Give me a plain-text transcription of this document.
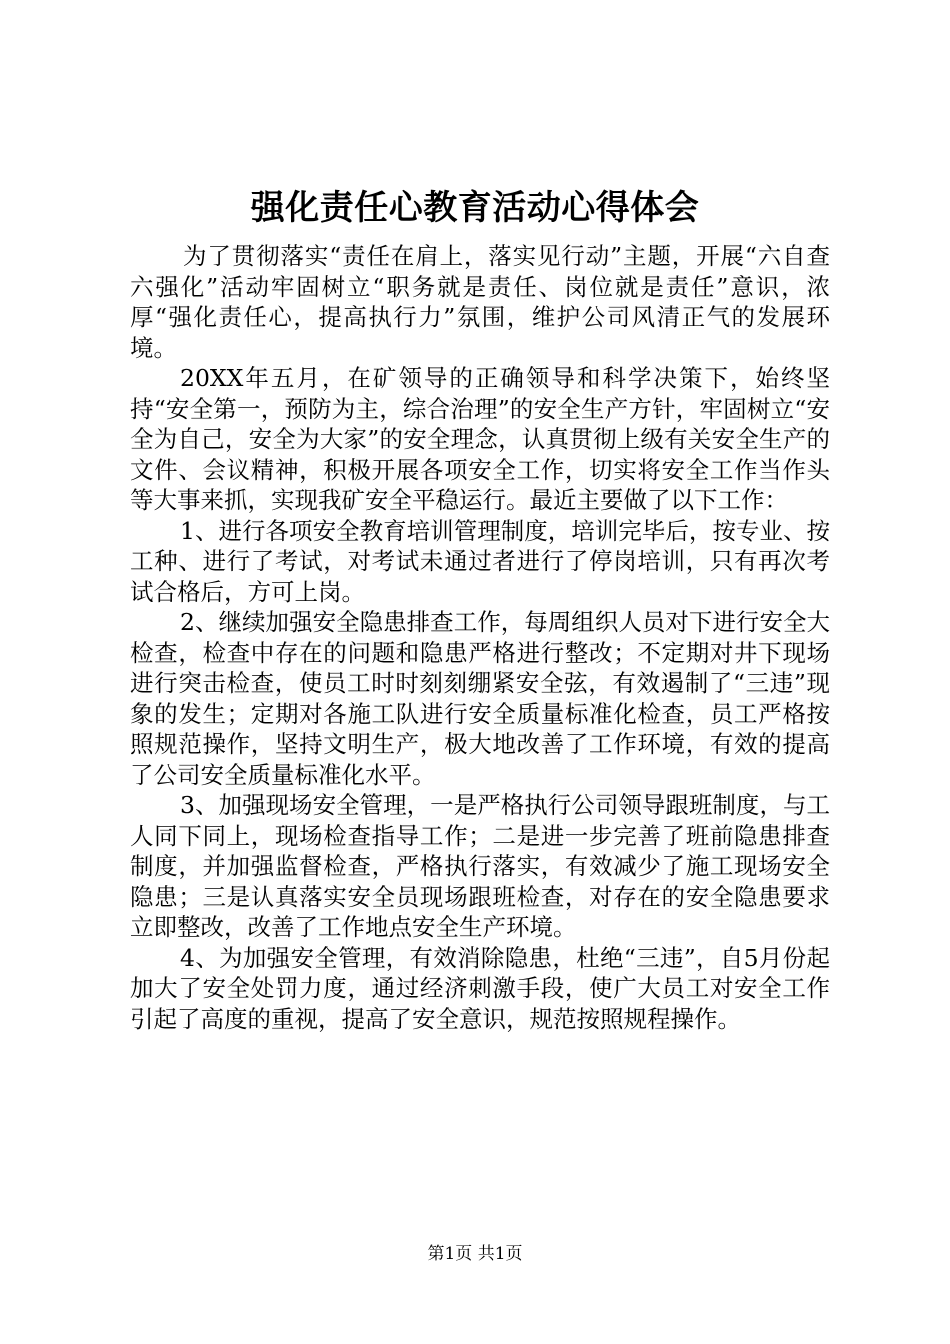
强化责任心教育活动心得体会

为了贯彻落实“责任在肩上，落实见行动”主题，开展“六自查六强化”活动牢固树立“职务就是责任、岗位就是责任”意识，浓厚“强化责任心，提高执行力”氛围，维护公司风清正气的发展环境。

20XX年五月，在矿领导的正确领导和科学决策下，始终坚持“安全第一，预防为主，综合治理”的安全生产方针，牢固树立“安全为自己，安全为大家”的安全理念，认真贯彻上级有关安全生产的文件、会议精神，积极开展各项安全工作，切实将安全工作当作头等大事来抓，实现我矿安全平稳运行。最近主要做了以下工作：

1、进行各项安全教育培训管理制度，培训完毕后，按专业、按工种、进行了考试，对考试未通过者进行了停岗培训，只有再次考试合格后，方可上岗。

2、继续加强安全隐患排查工作，每周组织人员对下进行安全大检查，检查中存在的问题和隐患严格进行整改；不定期对井下现场进行突击检查，使员工时时刻刻绷紧安全弦，有效遏制了“三违”现象的发生；定期对各施工队进行安全质量标准化检查，员工严格按照规范操作，坚持文明生产，极大地改善了工作环境，有效的提高了公司安全质量标准化水平。

3、加强现场安全管理，一是严格执行公司领导跟班制度，与工人同下同上，现场检查指导工作；二是进一步完善了班前隐患排查制度，并加强监督检查，严格执行落实，有效减少了施工现场安全隐患；三是认真落实安全员现场跟班检查，对存在的安全隐患要求立即整改，改善了工作地点安全生产环境。

4、为加强安全管理，有效消除隐患，杜绝“三违”，自5月份起加大了安全处罚力度，通过经济刺激手段，使广大员工对安全工作引起了高度的重视，提高了安全意识，规范按照规程操作。

第1页 共1页
